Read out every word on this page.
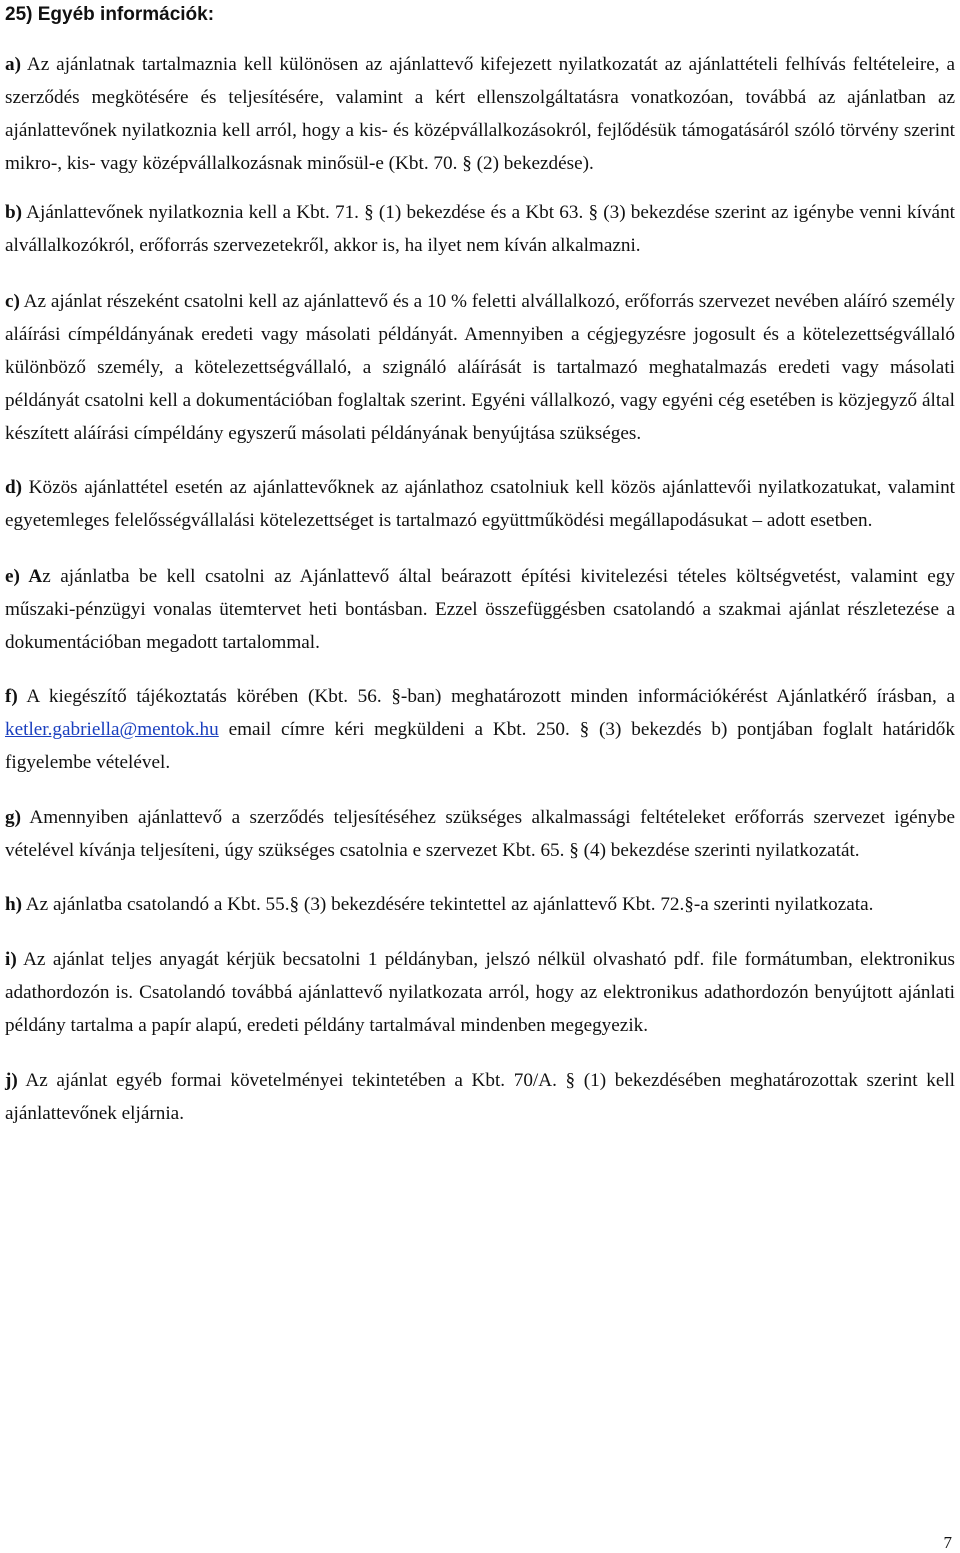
25) Egyéb információk:

a) Az ajánlatnak tartalmaznia kell különösen az ajánlattevő kifejezett nyilatkozatát az ajánlattételi felhívás feltételeire, a szerződés megkötésére és teljesítésére, valamint a kért ellenszolgáltatásra vonatkozóan, továbbá az ajánlatban az ajánlattevőnek nyilatkoznia kell arról, hogy a kis- és középvállalkozásokról, fejlődésük támogatásáról szóló törvény szerint mikro-, kis- vagy középvállalkozásnak minősül-e (Kbt. 70. § (2) bekezdése).

b) Ajánlattevőnek nyilatkoznia kell a Kbt. 71. § (1) bekezdése és a Kbt 63. § (3) bekezdése szerint az igénybe venni kívánt alvállalkozókról, erőforrás szervezetekről, akkor is, ha ilyet nem kíván alkalmazni.

c) Az ajánlat részeként csatolni kell az ajánlattevő és a 10 % feletti alvállalkozó, erőforrás szervezet nevében aláíró személy aláírási címpéldányának eredeti vagy másolati példányát. Amennyiben a cégjegyzésre jogosult és a kötelezettségvállaló különböző személy, a kötelezettségvállaló, a szignáló aláírását is tartalmazó meghatalmazás eredeti vagy másolati példányát csatolni kell a dokumentációban foglaltak szerint. Egyéni vállalkozó, vagy egyéni cég esetében is közjegyző által készített aláírási címpéldány egyszerű másolati példányának benyújtása szükséges.

d) Közös ajánlattétel esetén az ajánlattevőknek az ajánlathoz csatolniuk kell közös ajánlattevői nyilatkozatukat, valamint egyetemleges felelősségvállalási kötelezettséget is tartalmazó együttműködési megállapodásukat – adott esetben.

e) Az ajánlatba be kell csatolni az Ajánlattevő által beárazott építési kivitelezési tételes költségvetést, valamint egy műszaki-pénzügyi vonalas ütemtervet heti bontásban. Ezzel összefüggésben csatolandó a szakmai ajánlat részletezése a dokumentációban megadott tartalommal.

f) A kiegészítő tájékoztatás körében (Kbt. 56. §-ban) meghatározott minden információkérést Ajánlatkérő írásban, a ketler.gabriella@mentok.hu email címre kéri megküldeni a Kbt. 250. § (3) bekezdés b) pontjában foglalt határidők figyelembe vételével.

g) Amennyiben ajánlattevő a szerződés teljesítéséhez szükséges alkalmassági feltételeket erőforrás szervezet igénybe vételével kívánja teljesíteni, úgy szükséges csatolnia e szervezet Kbt. 65. § (4) bekezdése szerinti nyilatkozatát.

h) Az ajánlatba csatolandó a Kbt. 55.§ (3) bekezdésére tekintettel az ajánlattevő Kbt. 72.§-a szerinti nyilatkozata.

i) Az ajánlat teljes anyagát kérjük becsatolni 1 példányban, jelszó nélkül olvasható pdf. file formátumban, elektronikus adathordozón is. Csatolandó továbbá ajánlattevő nyilatkozata arról, hogy az elektronikus adathordozón benyújtott ajánlati példány tartalma a papír alapú, eredeti példány tartalmával mindenben megegyezik.

j) Az ajánlat egyéb formai követelményei tekintetében a Kbt. 70/A. § (1) bekezdésében meghatározottak szerint kell ajánlattevőnek eljárnia.

7
